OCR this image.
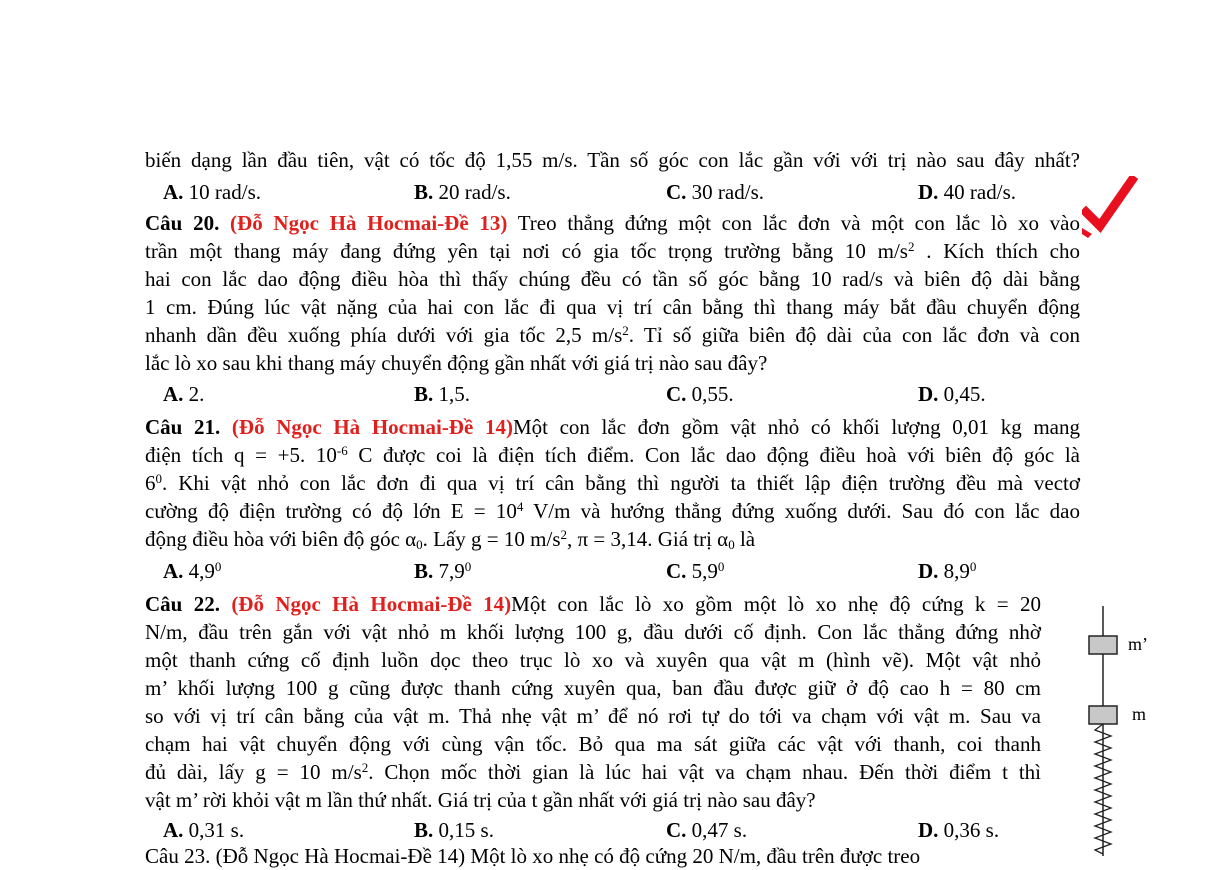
biến dạng lần đầu tiên, vật có tốc độ 1,55 m/s. Tần số góc con lắc gần với với trị nào sau đây nhất?
A. 10 rad/s.	B. 20 rad/s.	C. 30 rad/s.	D. 40 rad/s.
Câu 20. (Đỗ Ngọc Hà Hocmai-Đề 13) Treo thẳng đứng một con lắc đơn và một con lắc lò xo vào
trần một thang máy đang đứng yên tại nơi có gia tốc trọng trường bằng 10 $m/s^2$ . Kích thích cho
hai con lắc dao động điều hòa thì thấy chúng đều có tần số góc bằng 10 rad/s và biên độ dài bằng
1 cm. Đúng lúc vật nặng của hai con lắc đi qua vị trí cân bằng thì thang máy bắt đầu chuyển động
nhanh dần đều xuống phía dưới với gia tốc 2,5 $m/s^2$. Tỉ số giữa biên độ dài của con lắc đơn và con
lắc lò xo sau khi thang máy chuyển động gần nhất với giá trị nào sau đây?
A. 2.	B. 1,5.	C. 0,55.	D. 0,45.
Câu 21. (Đỗ Ngọc Hà Hocmai-Đề 14)Một con lắc đơn gồm vật nhỏ có khối lượng 0,01 kg mang
điện tích q = +5. $10^{-6}$ C được coi là điện tích điểm. Con lắc dao động điều hoà với biên độ góc là
$6^0$. Khi vật nhỏ con lắc đơn đi qua vị trí cân bằng thì người ta thiết lập điện trường đều mà vectơ
cường độ điện trường có độ lớn $E = 10^4$ V/m và hướng thẳng đứng xuống dưới. Sau đó con lắc dao
động điều hòa với biên độ góc $\alpha_0$. Lấy g = 10 $m/s^2$, π = 3,14. Giá trị $\alpha_0$ là
A. $4,9^0$	B. $7,9^0$	C. $5,9^0$	D. $8,9^0$
Câu 22. (Đỗ Ngọc Hà Hocmai-Đề 14)Một con lắc lò xo gồm một lò xo nhẹ độ cứng k = 20
N/m, đầu trên gắn với vật nhỏ m khối lượng 100 g, đầu dưới cố định. Con lắc thẳng đứng nhờ
một thanh cứng cố định luồn dọc theo trục lò xo và xuyên qua vật m (hình vẽ). Một vật nhỏ
m’ khối lượng 100 g cũng được thanh cứng xuyên qua, ban đầu được giữ ở độ cao h = 80 cm
so với vị trí cân bằng của vật m. Thả nhẹ vật m’ để nó rơi tự do tới va chạm với vật m. Sau va
chạm hai vật chuyển động với cùng vận tốc. Bỏ qua ma sát giữa các vật với thanh, coi thanh
đủ dài, lấy g = 10 $m/s^2$. Chọn mốc thời gian là lúc hai vật va chạm nhau. Đến thời điểm t thì
vật m’ rời khỏi vật m lần thứ nhất. Giá trị của t gần nhất với giá trị nào sau đây?
A. 0,31 s.	B. 0,15 s.	C. 0,47 s.	D. 0,36 s.
m’
m
Câu 23. (Đỗ Ngọc Hà Hocmai-Đề 14) Một lò xo nhẹ có độ cứng 20 N/m, đầu trên được treo
